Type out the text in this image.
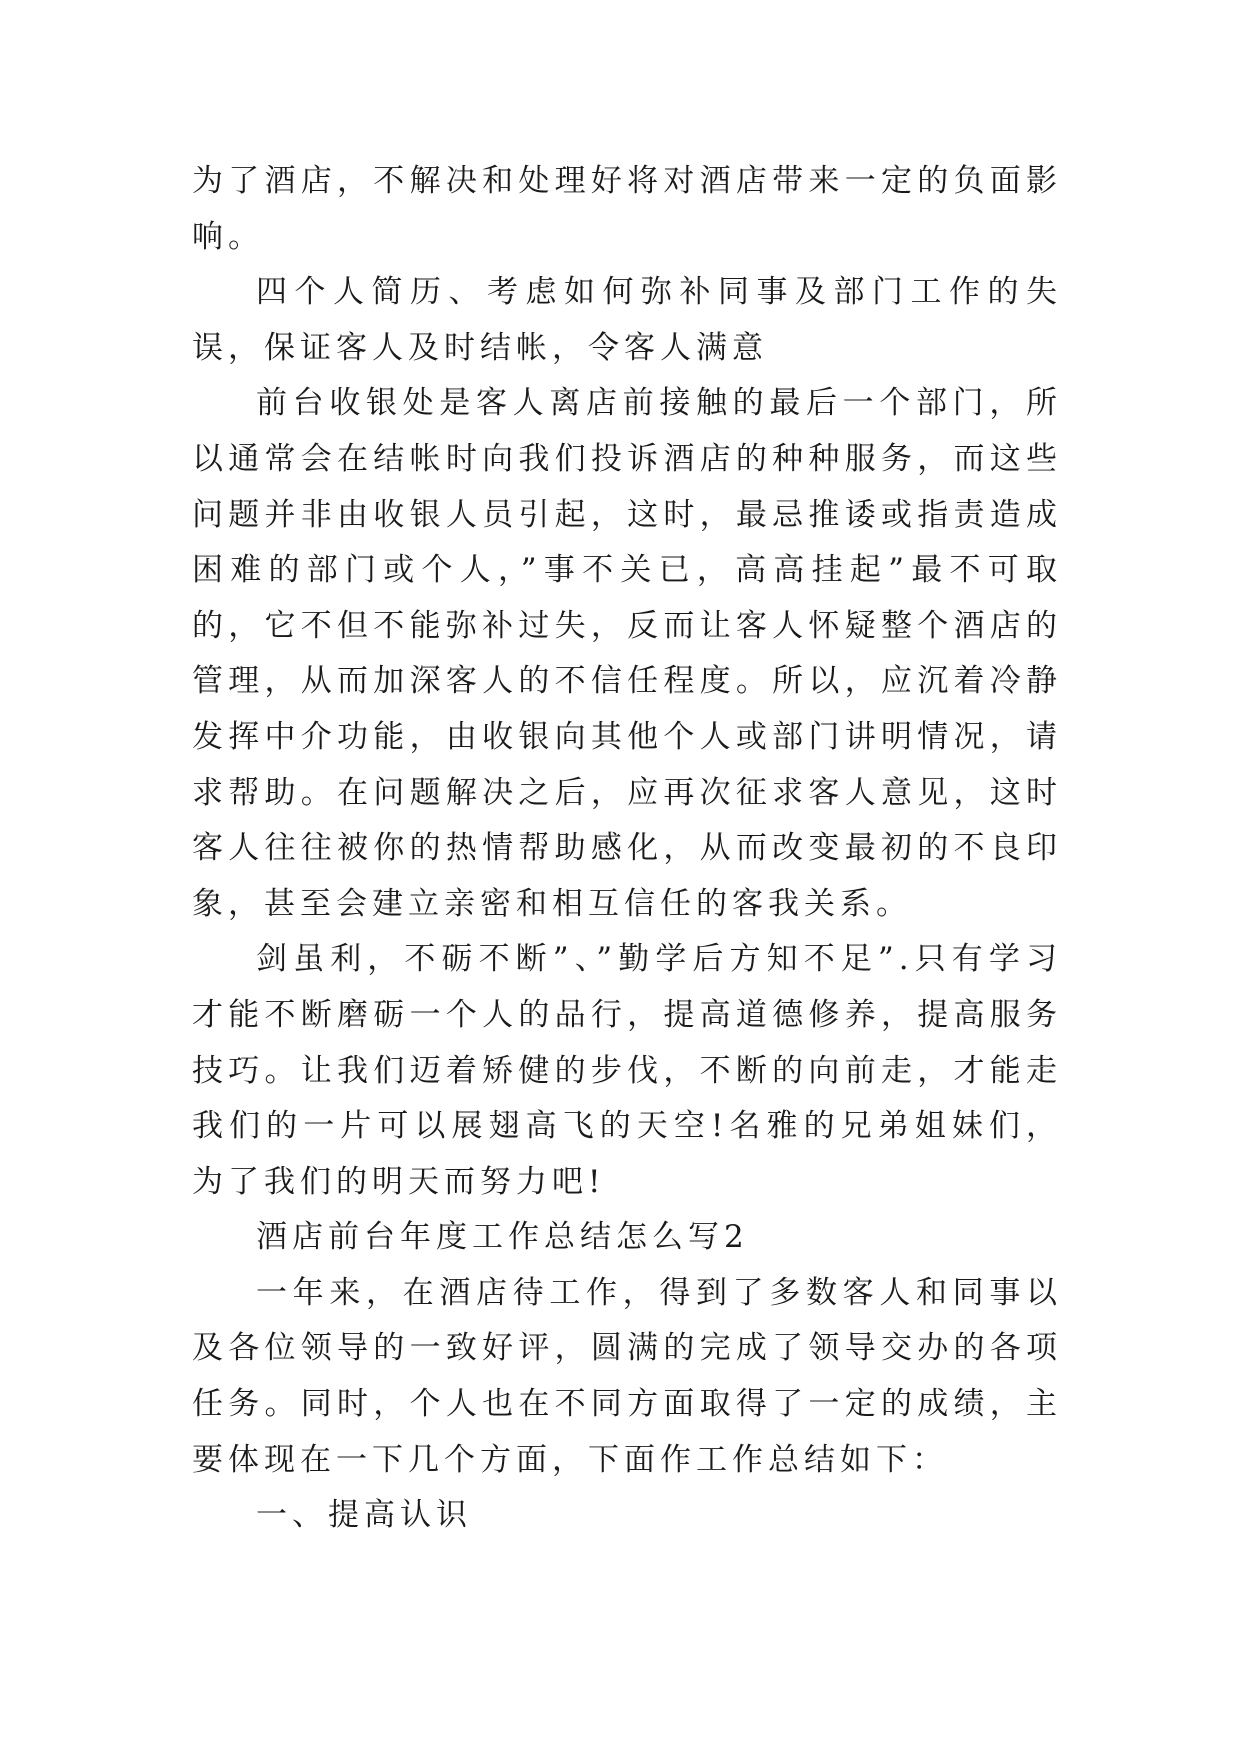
为了酒店，不解决和处理好将对酒店带来一定的负面影响。

四个人简历、考虑如何弥补同事及部门工作的失误，保证客人及时结帐，令客人满意

前台收银处是客人离店前接触的最后一个部门，所以通常会在结帐时向我们投诉酒店的种种服务，而这些问题并非由收银人员引起，这时，最忌推诿或指责造成困难的部门或个人，”事不关已，高高挂起”最不可取的，它不但不能弥补过失，反而让客人怀疑整个酒店的管理，从而加深客人的不信任程度。所以，应沉着冷静发挥中介功能，由收银向其他个人或部门讲明情况，请求帮助。在问题解决之后，应再次征求客人意见，这时客人往往被你的热情帮助感化，从而改变最初的不良印象，甚至会建立亲密和相互信任的客我关系。

剑虽利，不砺不断”、”勤学后方知不足”.只有学习才能不断磨砺一个人的品行，提高道德修养，提高服务技巧。让我们迈着矫健的步伐，不断的向前走，才能走我们的一片可以展翅高飞的天空!名雅的兄弟姐妹们，为了我们的明天而努力吧!

酒店前台年度工作总结怎么写2

一年来，在酒店待工作，得到了多数客人和同事以及各位领导的一致好评，圆满的完成了领导交办的各项任务。同时，个人也在不同方面取得了一定的成绩，主要体现在一下几个方面，下面作工作总结如下：

一、提高认识
